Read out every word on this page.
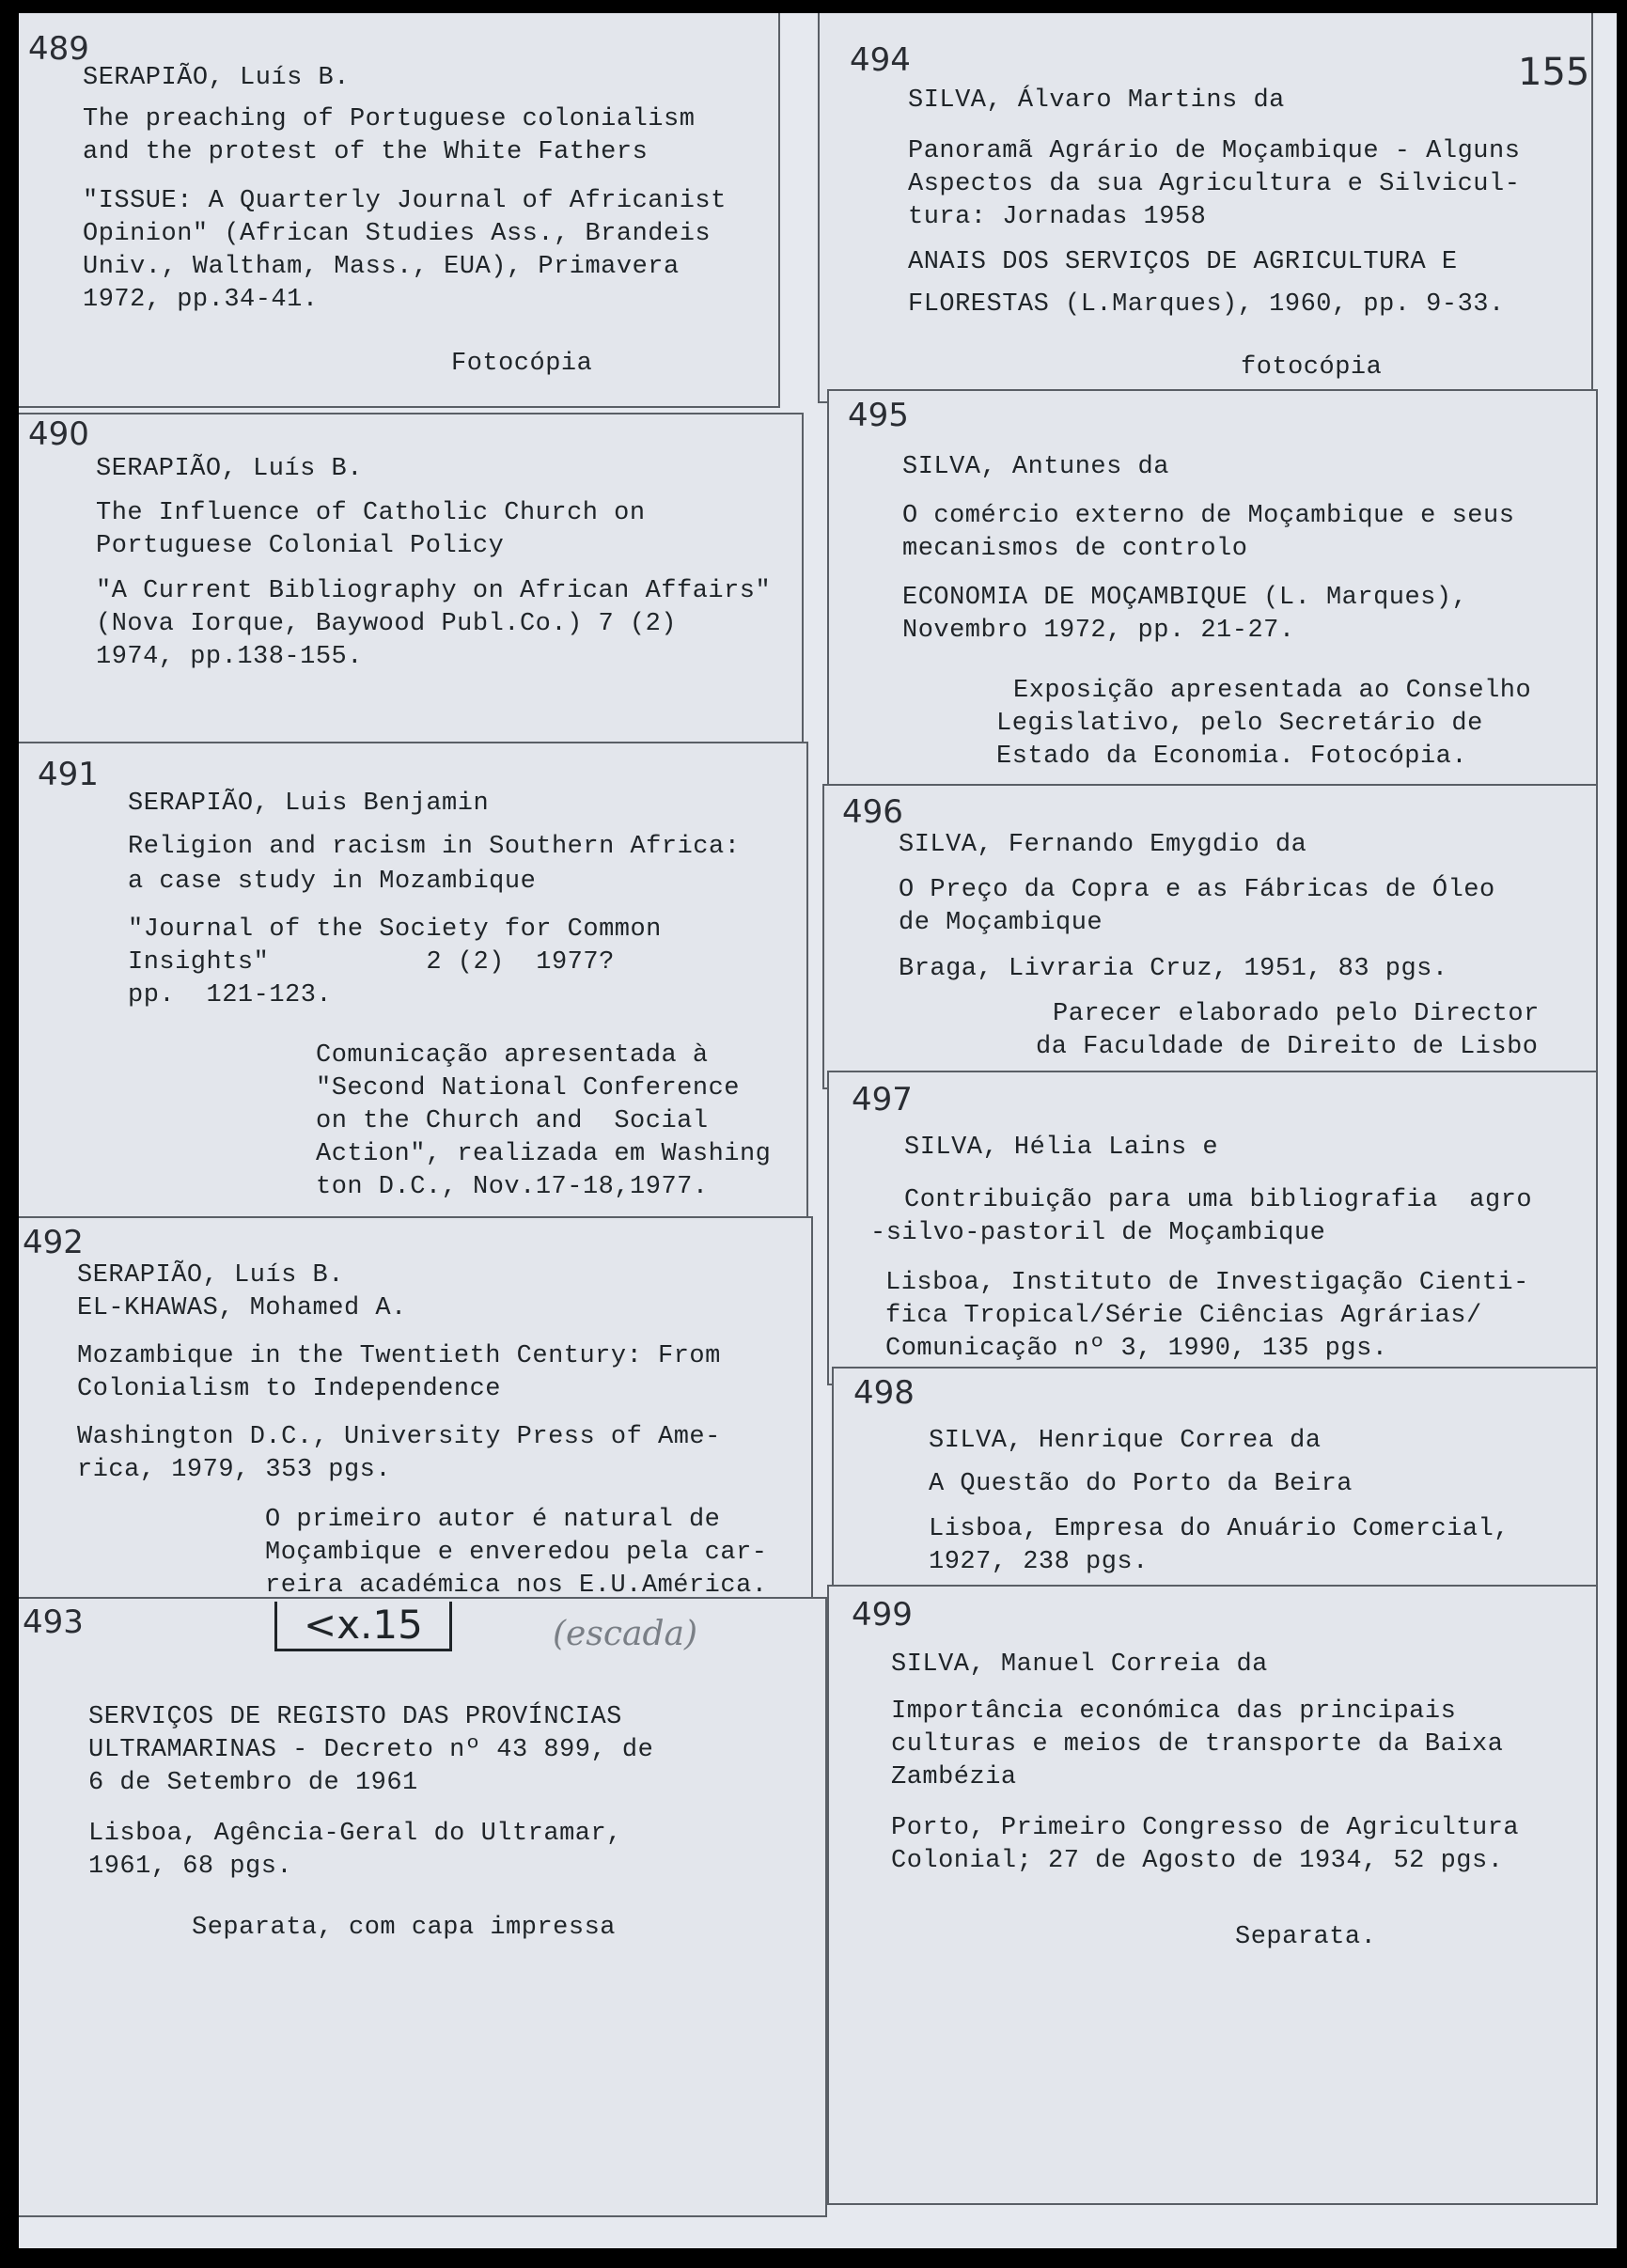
155
489
SERAPIÃO, Luís B.
The preaching of Portuguese colonialism
and the protest of the White Fathers
"ISSUE: A Quarterly Journal of Africanist
Opinion" (African Studies Ass., Brandeis
Univ., Waltham, Mass., EUA), Primavera
1972, pp.34-41.
Fotocópia
490
SERAPIÃO, Luís B.
The Influence of Catholic Church on
Portuguese Colonial Policy
"A Current Bibliography on African Affairs"
(Nova Iorque, Baywood Publ.Co.) 7 (2)
1974, pp.138-155.
491
SERAPIÃO, Luis Benjamin
Religion and racism in Southern Africa:
a case study in Mozambique
"Journal of the Society for Common
Insights"          2 (2)  1977?
pp.  121-123.
Comunicação apresentada à
"Second National Conference
on the Church and  Social
Action", realizada em Washing
ton D.C., Nov.17-18,1977.
492
SERAPIÃO, Luís B.
EL-KHAWAS, Mohamed A.
Mozambique in the Twentieth Century: From
Colonialism to Independence
Washington D.C., University Press of Ame-
rica, 1979, 353 pgs.
O primeiro autor é natural de
Moçambique e enveredou pela car-
reira académica nos E.U.América.
493	<x.15	(escada)
SERVIÇOS DE REGISTO DAS PROVÍNCIAS
ULTRAMARINAS - Decreto nº 43 899, de
6 de Setembro de 1961
Lisboa, Agência-Geral do Ultramar,
1961, 68 pgs.
Separata, com capa impressa
494
SILVA, Álvaro Martins da
Panoramã Agrário de Moçambique - Alguns
Aspectos da sua Agricultura e Silvicul-
tura: Jornadas 1958
ANAIS DOS SERVIÇOS DE AGRICULTURA E
FLORESTAS (L.Marques), 1960, pp. 9-33.
fotocópia
495
SILVA, Antunes da
O comércio externo de Moçambique e seus
mecanismos de controlo
ECONOMIA DE MOÇAMBIQUE (L. Marques),
Novembro 1972, pp. 21-27.
Exposição apresentada ao Conselho
Legislativo, pelo Secretário de
Estado da Economia. Fotocópia.
496
SILVA, Fernando Emygdio da
O Preço da Copra e as Fábricas de Óleo
de Moçambique
Braga, Livraria Cruz, 1951, 83 pgs.
Parecer elaborado pelo Director
da Faculdade de Direito de Lisbo
497
SILVA, Hélia Lains e
Contribuição para uma bibliografia  agro
-silvo-pastoril de Moçambique
Lisboa, Instituto de Investigação Cienti-
fica Tropical/Série Ciências Agrárias/
Comunicação nº 3, 1990, 135 pgs.
498
SILVA, Henrique Correa da
A Questão do Porto da Beira
Lisboa, Empresa do Anuário Comercial,
1927, 238 pgs.
499
SILVA, Manuel Correia da
Importância económica das principais
culturas e meios de transporte da Baixa
Zambézia
Porto, Primeiro Congresso de Agricultura
Colonial; 27 de Agosto de 1934, 52 pgs.
Separata.
